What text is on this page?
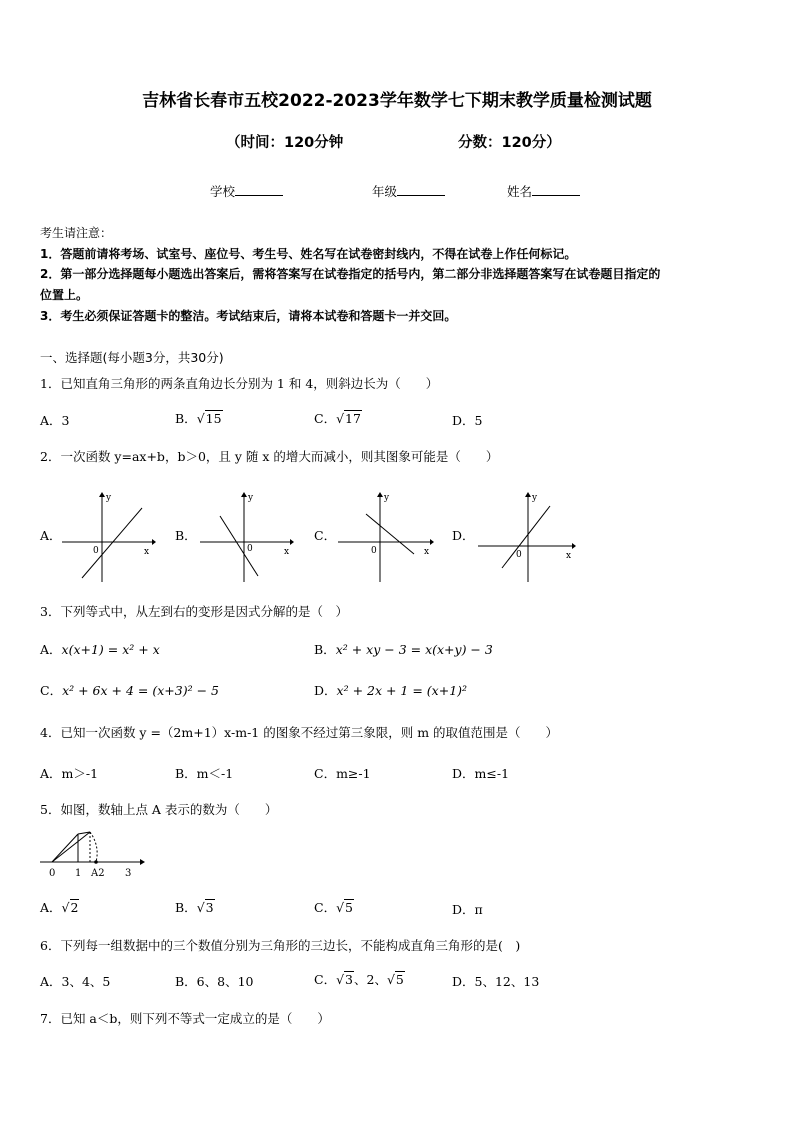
吉林省长春市五校2022-2023学年数学七下期末教学质量检测试题
（时间：120分钟	分数：120分）
学校	年级	姓名
考生请注意：
1．答题前请将考场、试室号、座位号、考生号、姓名写在试卷密封线内，不得在试卷上作任何标记。
2．第一部分选择题每小题选出答案后，需将答案写在试卷指定的括号内，第二部分非选择题答案写在试卷题目指定的
位置上。
3．考生必须保证答题卡的整洁。考试结束后，请将本试卷和答题卡一并交回。
一、选择题(每小题3分，共30分)
1．已知直角三角形的两条直角边长分别为 1 和 4，则斜边长为（　　）
A．3	B．√15	C．√17	D．5
2．一次函数 y=ax+b，b＞0，且 y 随 x 的增大而减小，则其图象可能是（　　）
A．	B．	C．	D．
y
x
0
y
x
0
y
x
0
y
x
0
3．下列等式中，从左到右的变形是因式分解的是（　）
A．x(x+1) = x² + x	B．x² + xy − 3 = x(x+y) − 3
C．x² + 6x + 4 = (x+3)² − 5	D．x² + 2x + 1 = (x+1)²
4．已知一次函数 y =（2m+1）x-m-1 的图象不经过第三象限，则 m 的取值范围是（　　）
A．m＞-1	B．m＜-1	C．m≥-1	D．m≤-1
5．如图，数轴上点 A 表示的数为（　　）
0 1 A2 3
A．√2	B．√3	C．√5	D．π
6．下列每一组数据中的三个数值分别为三角形的三边长，不能构成直角三角形的是(　)
A．3、4、5	B．6、8、10	C．√3、2、√5	D．5、12、13
7．已知 a＜b，则下列不等式一定成立的是（　　）
